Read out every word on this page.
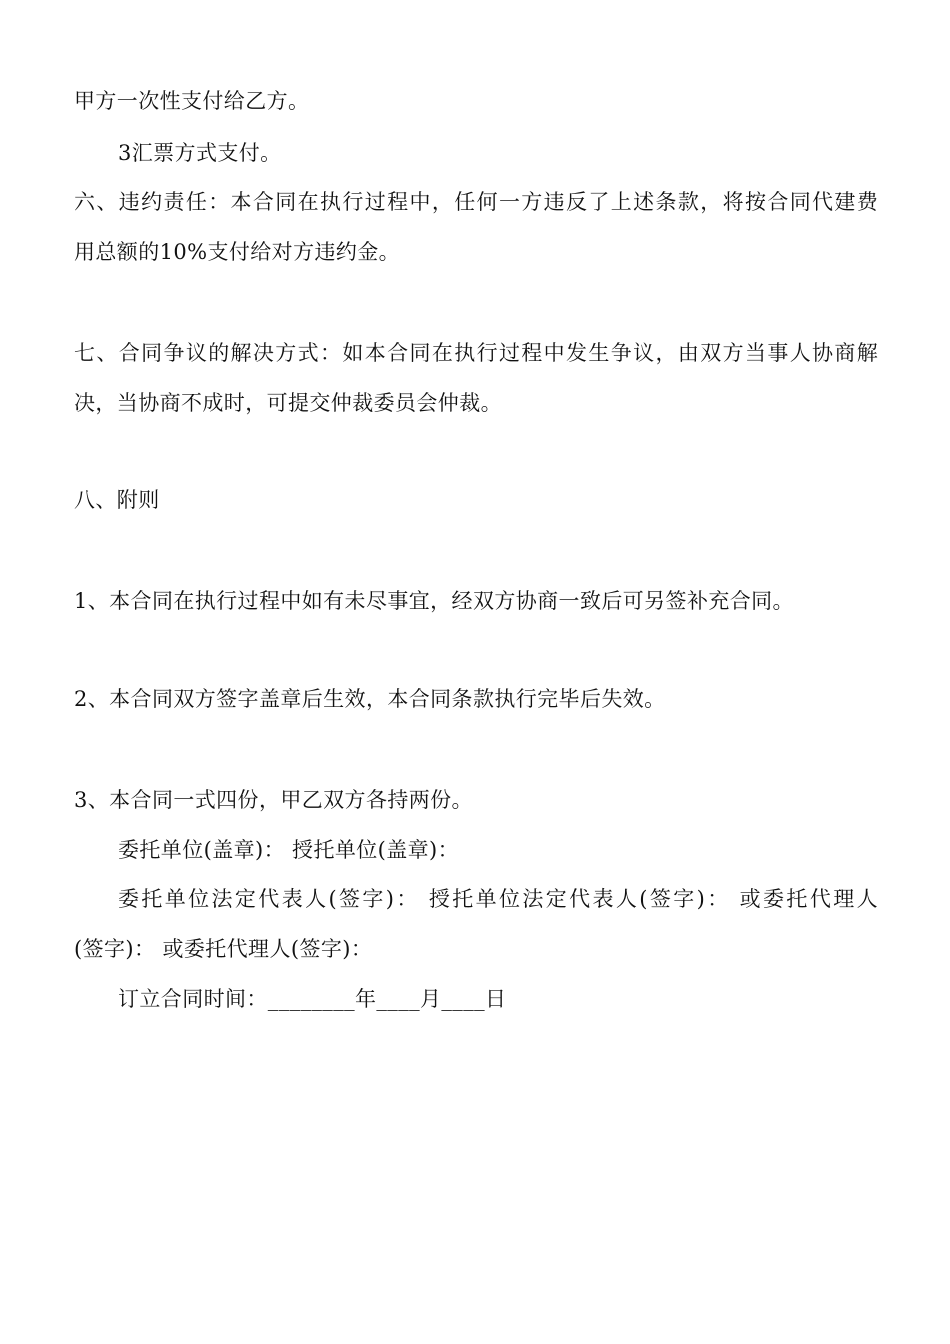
甲方一次性支付给乙方。
3汇票方式支付。
六、违约责任：本合同在执行过程中，任何一方违反了上述条款，将按合同代建费
用总额的10%支付给对方违约金。
七、合同争议的解决方式：如本合同在执行过程中发生争议，由双方当事人协商解
决，当协商不成时，可提交仲裁委员会仲裁。
八、附则
1、本合同在执行过程中如有未尽事宜，经双方协商一致后可另签补充合同。
2、本合同双方签字盖章后生效，本合同条款执行完毕后失效。
3、本合同一式四份，甲乙双方各持两份。
委托单位(盖章)： 授托单位(盖章)：
委托单位法定代表人(签字)： 授托单位法定代表人(签字)： 或委托代理人
(签字)： 或委托代理人(签字)：
订立合同时间：________年____月____日
